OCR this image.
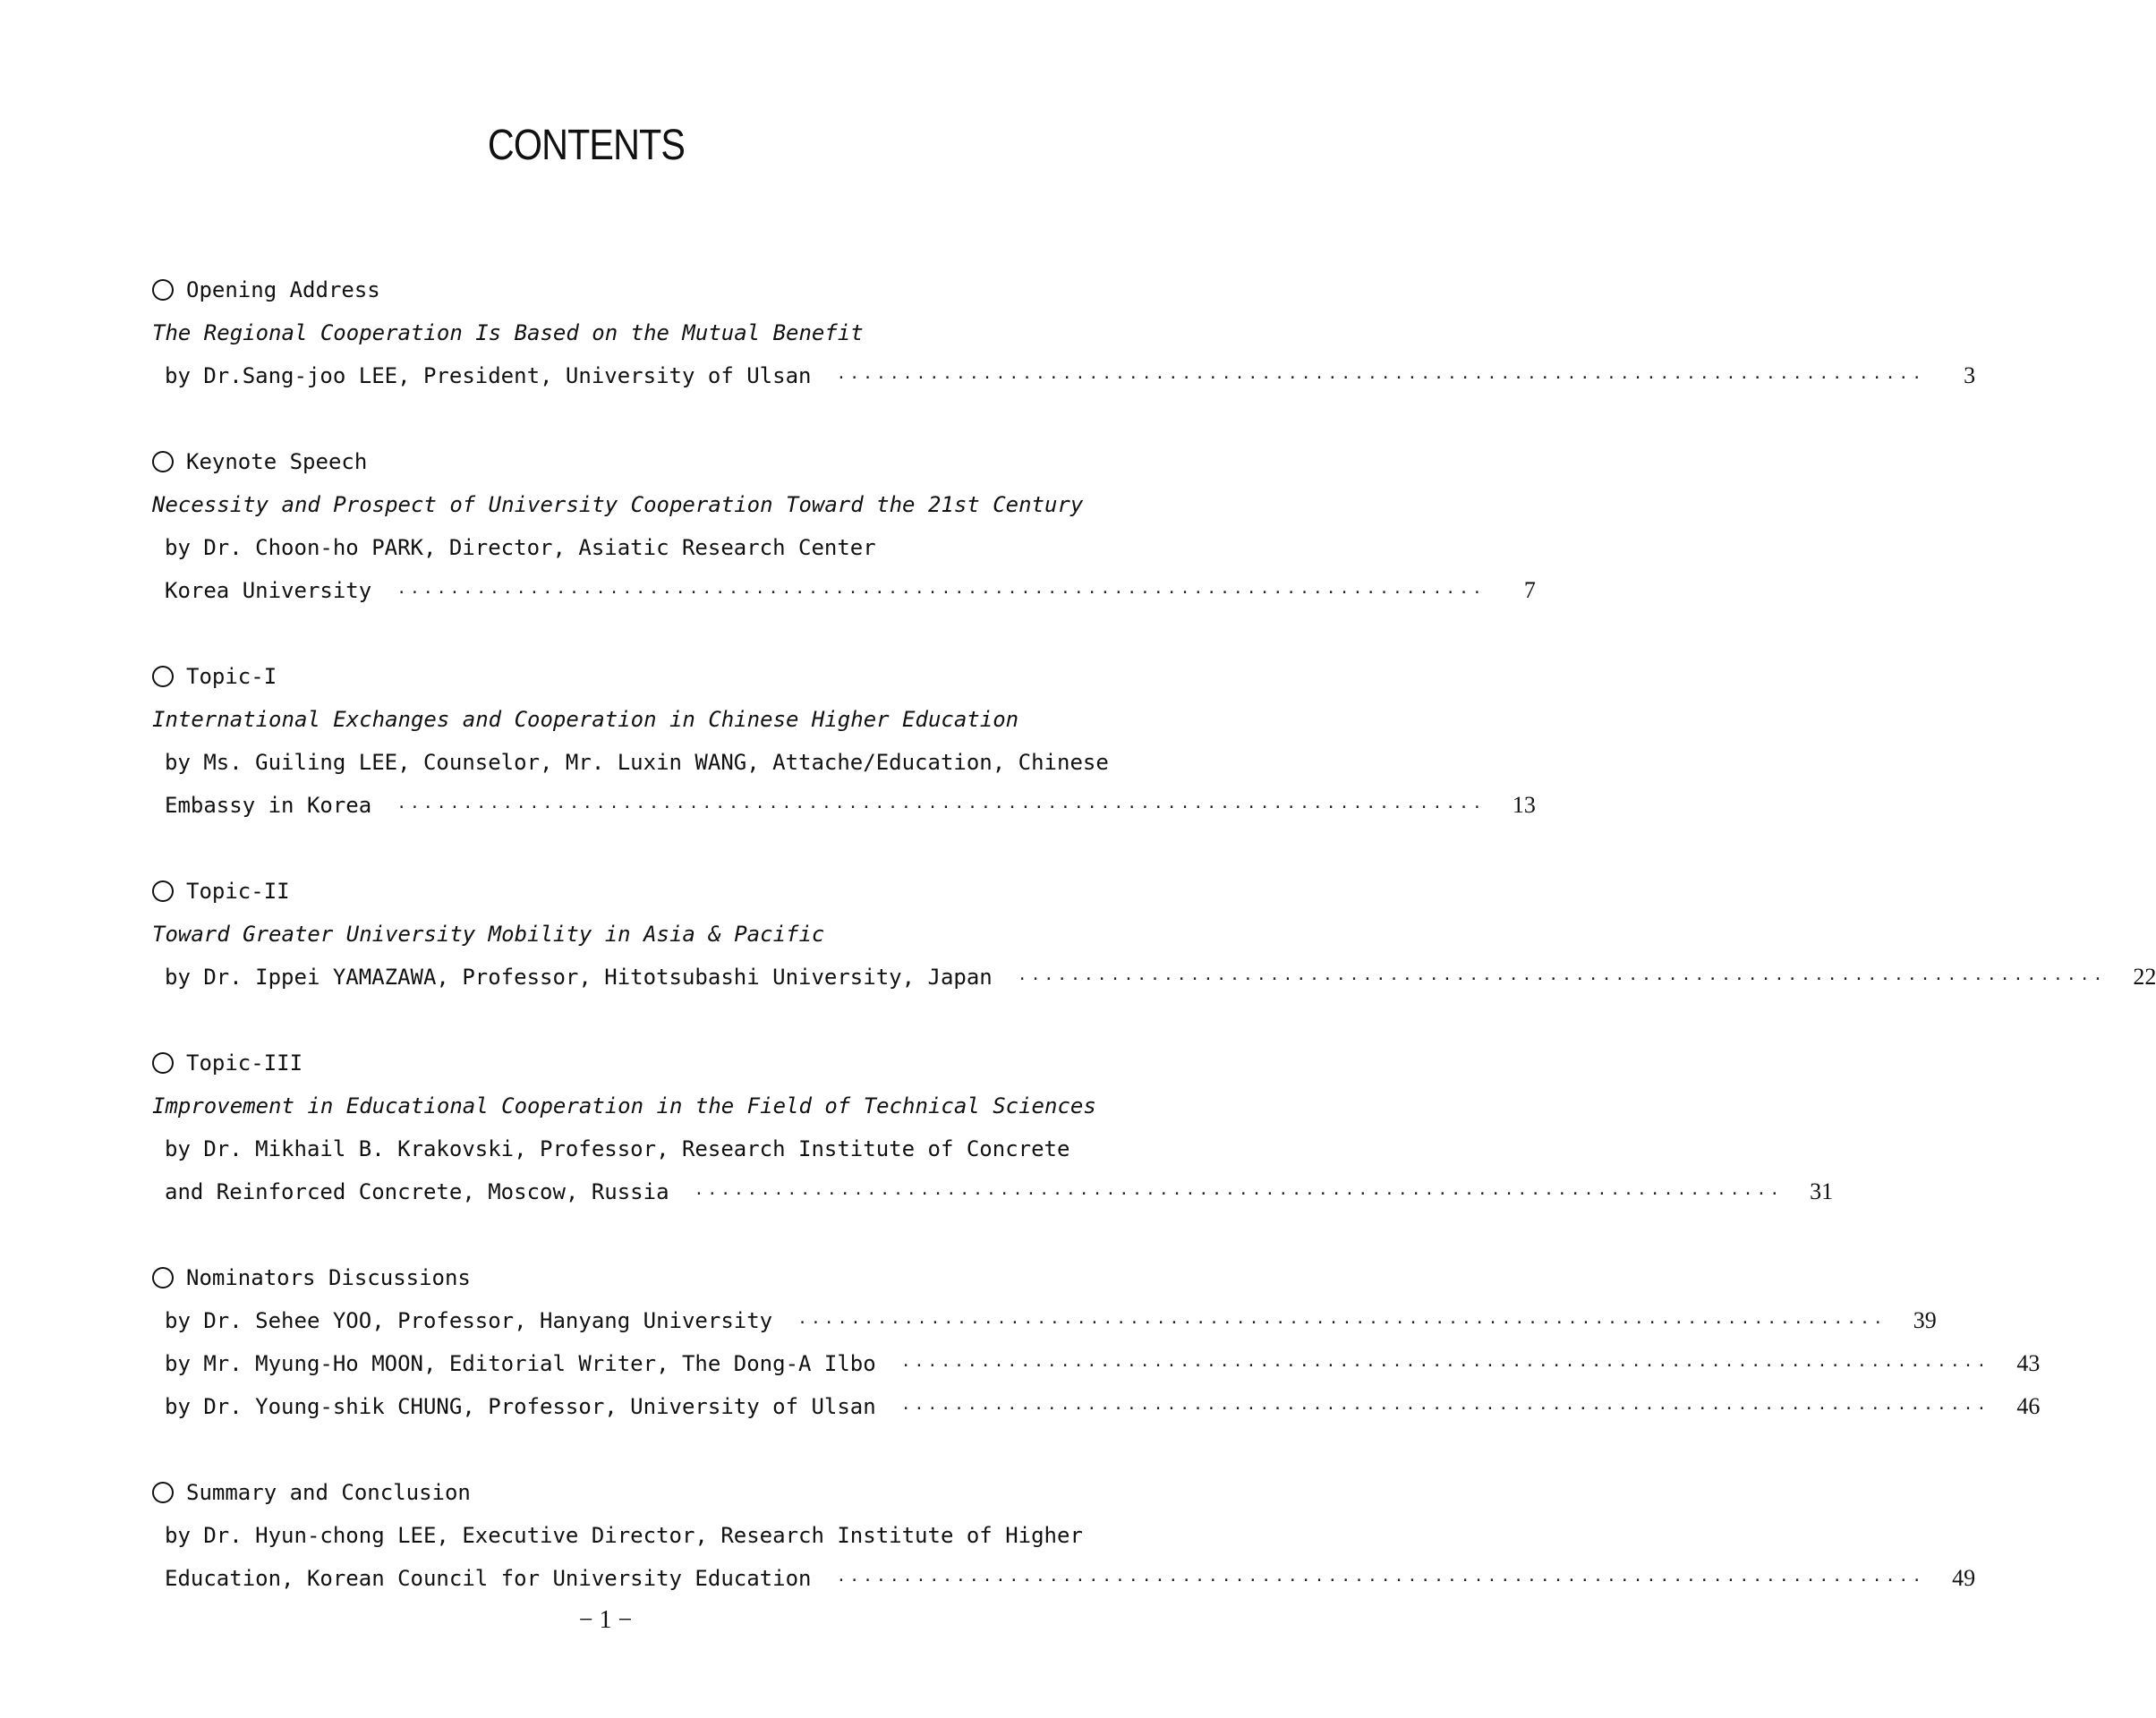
CONTENTS
Opening Address
The Regional Cooperation Is Based on the Mutual Benefit
by Dr.Sang-joo LEE, President, University of Ulsan ··················································································	3
Keynote Speech
Necessity and Prospect of University Cooperation Toward the 21st Century
by Dr. Choon-ho PARK, Director, Asiatic Research Center
Korea University ··················································································	7
Topic-I
International Exchanges and Cooperation in Chinese Higher Education
by Ms. Guiling LEE, Counselor, Mr. Luxin WANG, Attache/Education, Chinese
Embassy in Korea ··················································································	13
Topic-II
Toward Greater University Mobility in Asia & Pacific
by Dr. Ippei YAMAZAWA, Professor, Hitotsubashi University, Japan ··················································································	22
Topic-III
Improvement in Educational Cooperation in the Field of Technical Sciences
by Dr. Mikhail B. Krakovski, Professor, Research Institute of Concrete
and Reinforced Concrete, Moscow, Russia ··················································································	31
Nominators Discussions
by Dr. Sehee YOO, Professor, Hanyang University ··················································································	39
by Mr. Myung-Ho MOON, Editorial Writer, The Dong-A Ilbo ··················································································	43
by Dr. Young-shik CHUNG, Professor, University of Ulsan ··················································································	46
Summary and Conclusion
by Dr. Hyun-chong LEE, Executive Director, Research Institute of Higher
Education, Korean Council for University Education ··················································································	49
− 1 −
